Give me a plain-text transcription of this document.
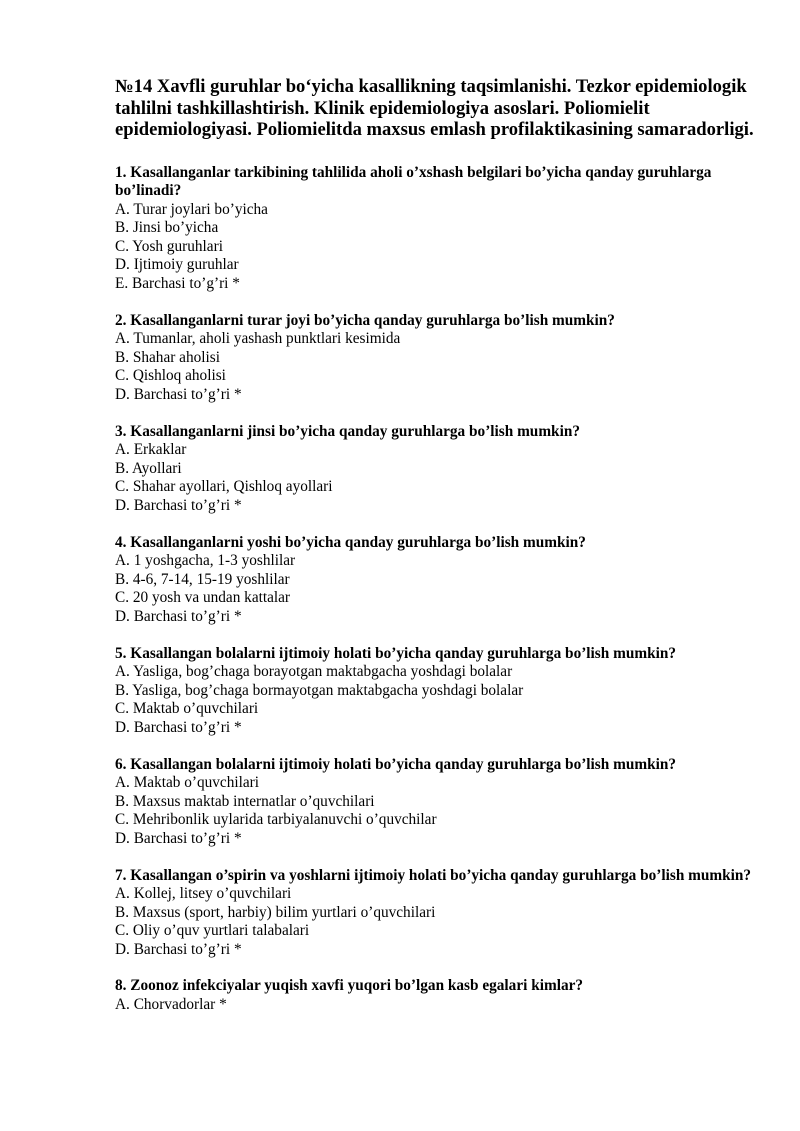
№14 Xavfli guruhlar bo‘yicha kasallikning taqsimlanishi. Tezkor epidemiologik tahlilni tashkillashtirish. Klinik epidemiologiya asoslari. Poliomielit epidemiologiyasi. Poliomielitda maxsus emlash profilaktikasining samaradorligi.
1. Kasallanganlar tarkibining tahlilida aholi o’xshash belgilari bo’yicha qanday guruhlarga bo’linadi?
A. Turar joylari bo’yicha
B. Jinsi bo’yicha
C. Yosh guruhlari
D. Ijtimoiy guruhlar
E. Barchasi to’g’ri *
2. Kasallanganlarni turar joyi bo’yicha qanday guruhlarga bo’lish mumkin?
A. Tumanlar, aholi yashash punktlari kesimida
B. Shahar aholisi
C. Qishloq aholisi
D. Barchasi to’g’ri *
3. Kasallanganlarni jinsi bo’yicha qanday guruhlarga bo’lish mumkin?
A. Erkaklar
B. Ayollari
C. Shahar ayollari, Qishloq ayollari
D. Barchasi to’g’ri *
4. Kasallanganlarni yoshi bo’yicha qanday guruhlarga bo’lish mumkin?
A. 1 yoshgacha, 1-3 yoshlilar
B. 4-6, 7-14, 15-19 yoshlilar
C. 20 yosh va undan kattalar
D. Barchasi to’g’ri *
5. Kasallangan bolalarni ijtimoiy holati bo’yicha qanday guruhlarga bo’lish mumkin?
A. Yasliga, bog’chaga borayotgan maktabgacha yoshdagi bolalar
B. Yasliga, bog’chaga bormayotgan maktabgacha yoshdagi bolalar
C. Maktab o’quvchilari
D. Barchasi to’g’ri *
6. Kasallangan bolalarni ijtimoiy holati bo’yicha qanday guruhlarga bo’lish mumkin?
A. Maktab o’quvchilari
B. Maxsus maktab internatlar o’quvchilari
C. Mehribonlik uylarida tarbiyalanuvchi o’quvchilar
D. Barchasi to’g’ri *
7. Kasallangan o’spirin va yoshlarni ijtimoiy holati bo’yicha qanday guruhlarga bo’lish mumkin?
A. Kollej, litsey o’quvchilari
B. Maxsus (sport, harbiy) bilim yurtlari o’quvchilari
C. Oliy o’quv yurtlari talabalari
D. Barchasi to’g’ri *
8. Zoonoz infekciyalar yuqish xavfi yuqori bo’lgan kasb egalari kimlar?
A. Chorvadorlar *
